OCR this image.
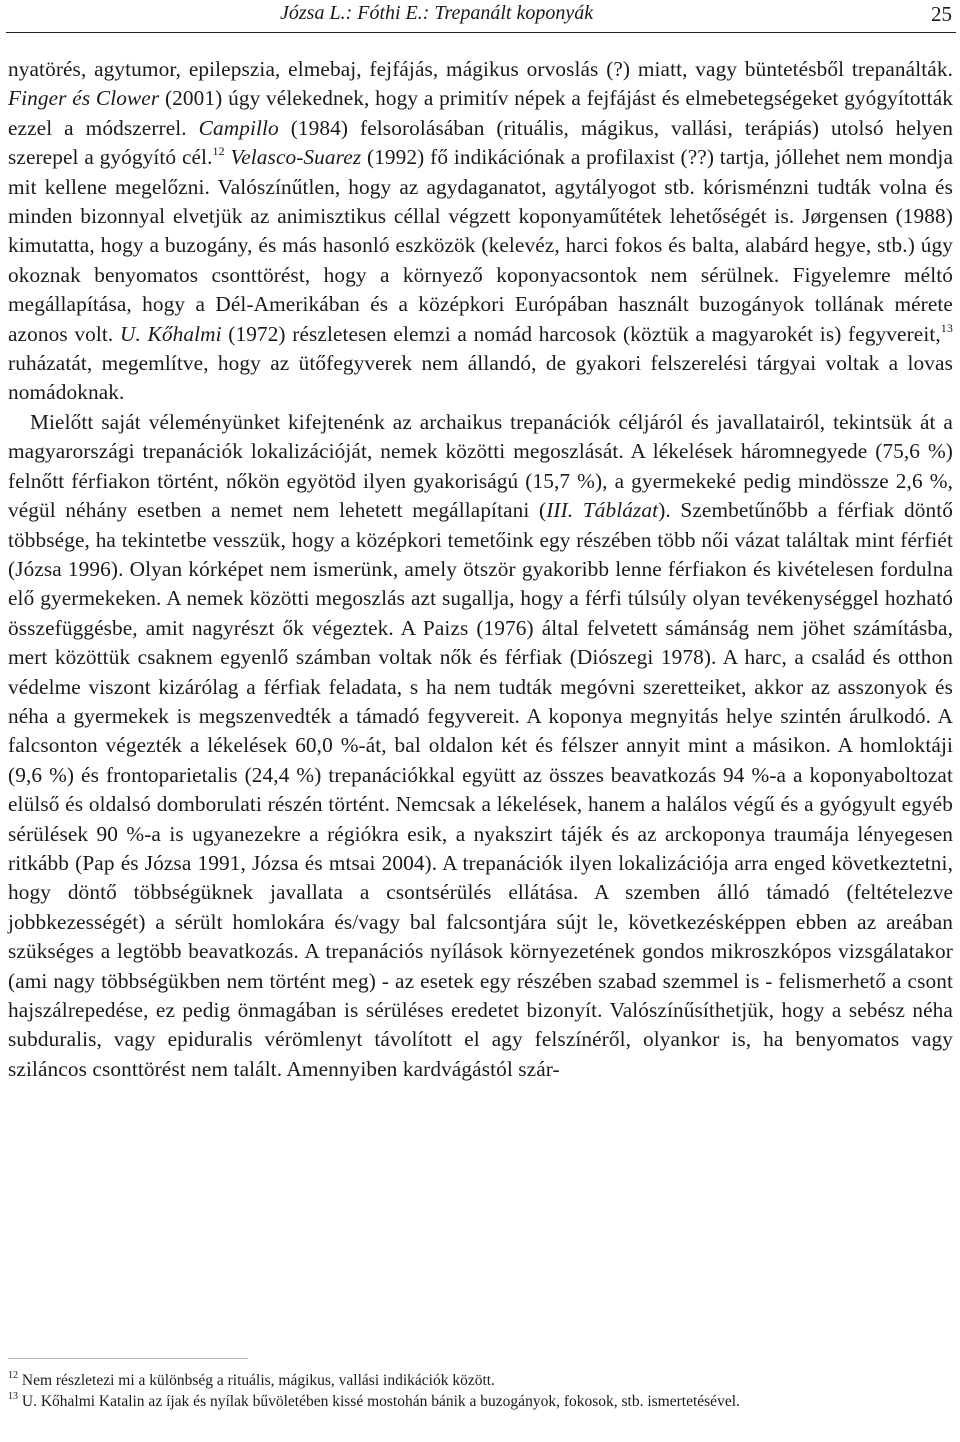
Józsa L.: Fóthi E.: Trepanált koponyák	25

nyatörés, agytumor, epilepszia, elmebaj, fejfájás, mágikus orvoslás (?) miatt, vagy büntetésből trepanálták. Finger és Clower (2001) úgy vélekednek, hogy a primitív népek a fejfájást és elmebetegségeket gyógyították ezzel a módszerrel. Campillo (1984) felsorolásában (rituális, mágikus, vallási, terápiás) utolsó helyen szerepel a gyógyító cél.$^{12}$ Velasco-Suarez (1992) fő indikációnak a profilaxist (??) tartja, jóllehet nem mondja mit kellene megelőzni. Valószínűtlen, hogy az agydaganatot, agytályogot stb. kórisménzni tudták volna és minden bizonnyal elvetjük az animisztikus céllal végzett koponyaműtétek lehetőségét is. Jørgensen (1988) kimutatta, hogy a buzogány, és más hasonló eszközök (kelevéz, harci fokos és balta, alabárd hegye, stb.) úgy okoznak benyomatos csonttörést, hogy a környező koponyacsontok nem sérülnek. Figyelemre méltó megállapítása, hogy a Dél-Amerikában és a középkori Európában használt buzogányok tollának mérete azonos volt. U. Kőhalmi (1972) részletesen elemzi a nomád harcosok (köztük a magyarokét is) fegyvereit,$^{13}$ ruházatát, megemlítve, hogy az ütőfegyverek nem állandó, de gyakori felszerelési tárgyai voltak a lovas nomádoknak.

Mielőtt saját véleményünket kifejtenénk az archaikus trepanációk céljáról és javallatairól, tekintsük át a magyarországi trepanációk lokalizációját, nemek közötti megoszlását. A lékelések háromnegyede (75,6 %) felnőtt férfiakon történt, nőkön egyötöd ilyen gyakoriságú (15,7 %), a gyermekeké pedig mindössze 2,6 %, végül néhány esetben a nemet nem lehetett megállapítani (III. Táblázat). Szembetűnőbb a férfiak döntő többsége, ha tekintetbe vesszük, hogy a középkori temetőink egy részében több női vázat találtak mint férfiét (Józsa 1996). Olyan kórképet nem ismerünk, amely ötször gyakoribb lenne férfiakon és kivételesen fordulna elő gyermekeken. A nemek közötti megoszlás azt sugallja, hogy a férfi túlsúly olyan tevékenységgel hozható összefüggésbe, amit nagyrészt ők végeztek. A Paizs (1976) által felvetett sámánság nem jöhet számításba, mert közöttük csaknem egyenlő számban voltak nők és férfiak (Diószegi 1978). A harc, a család és otthon védelme viszont kizárólag a férfiak feladata, s ha nem tudták megóvni szeretteiket, akkor az asszonyok és néha a gyermekek is megszenvedték a támadó fegyvereit. A koponya megnyitás helye szintén árulkodó. A falcsonton végezték a lékelések 60,0 %-át, bal oldalon két és félszer annyit mint a másikon. A homloktáji (9,6 %) és frontoparietalis (24,4 %) trepanációkkal együtt az összes beavatkozás 94 %-a a koponyaboltozat elülső és oldalsó domborulati részén történt. Nemcsak a lékelések, hanem a halálos végű és a gyógyult egyéb sérülések 90 %-a is ugyanezekre a régiókra esik, a nyakszirt tájék és az arckoponya traumája lényegesen ritkább (Pap és Józsa 1991, Józsa és mtsai 2004). A trepanációk ilyen lokalizációja arra enged következtetni, hogy döntő többségüknek javallata a csontsérülés ellátása. A szemben álló támadó (feltételezve jobbkezességét) a sérült homlokára és/vagy bal falcsontjára sújt le, következésképpen ebben az areában szükséges a legtöbb beavatkozás. A trepanációs nyílások környezetének gondos mikroszkópos vizsgálatakor (ami nagy többségükben nem történt meg) - az esetek egy részében szabad szemmel is - felismerhető a csont hajszálrepedése, ez pedig önmagában is sérüléses eredetet bizonyít. Valószínűsíthetjük, hogy a sebész néha subduralis, vagy epiduralis vérömlenyt távolított el agy felszínéről, olyankor is, ha benyomatos vagy sziláncos csonttörést nem talált. Amennyiben kardvágástól szár-

$^{12}$ Nem részletezi mi a különbség a rituális, mágikus, vallási indikációk között.

$^{13}$ U. Kőhalmi Katalin az íjak és nyílak bűvöletében kissé mostohán bánik a buzogányok, fokosok, stb. ismertetésével.
